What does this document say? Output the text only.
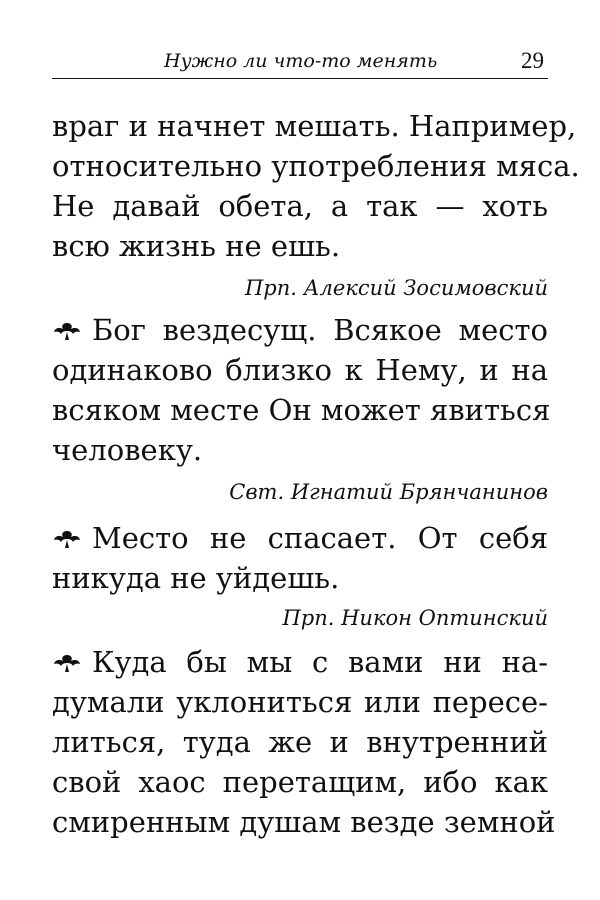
Нужно ли что-то менять	29
враг и начнет мешать. Например,
относительно употребления мяса.
Не давай обета, а так — хоть
всю жизнь не ешь.
Прп. Алексий Зосимовский
Бог вездесущ. Всякое место
одинаково близко к Нему, и на
всяком месте Он может явиться
человеку.
Свт. Игнатий Брянчанинов
Место не спасает. От себя
никуда не уйдешь.
Прп. Никон Оптинский
Куда бы мы с вами ни на-
думали уклониться или пересе-
литься, туда же и внутренний
свой хаос перетащим, ибо как
смиренным душам везде земной
